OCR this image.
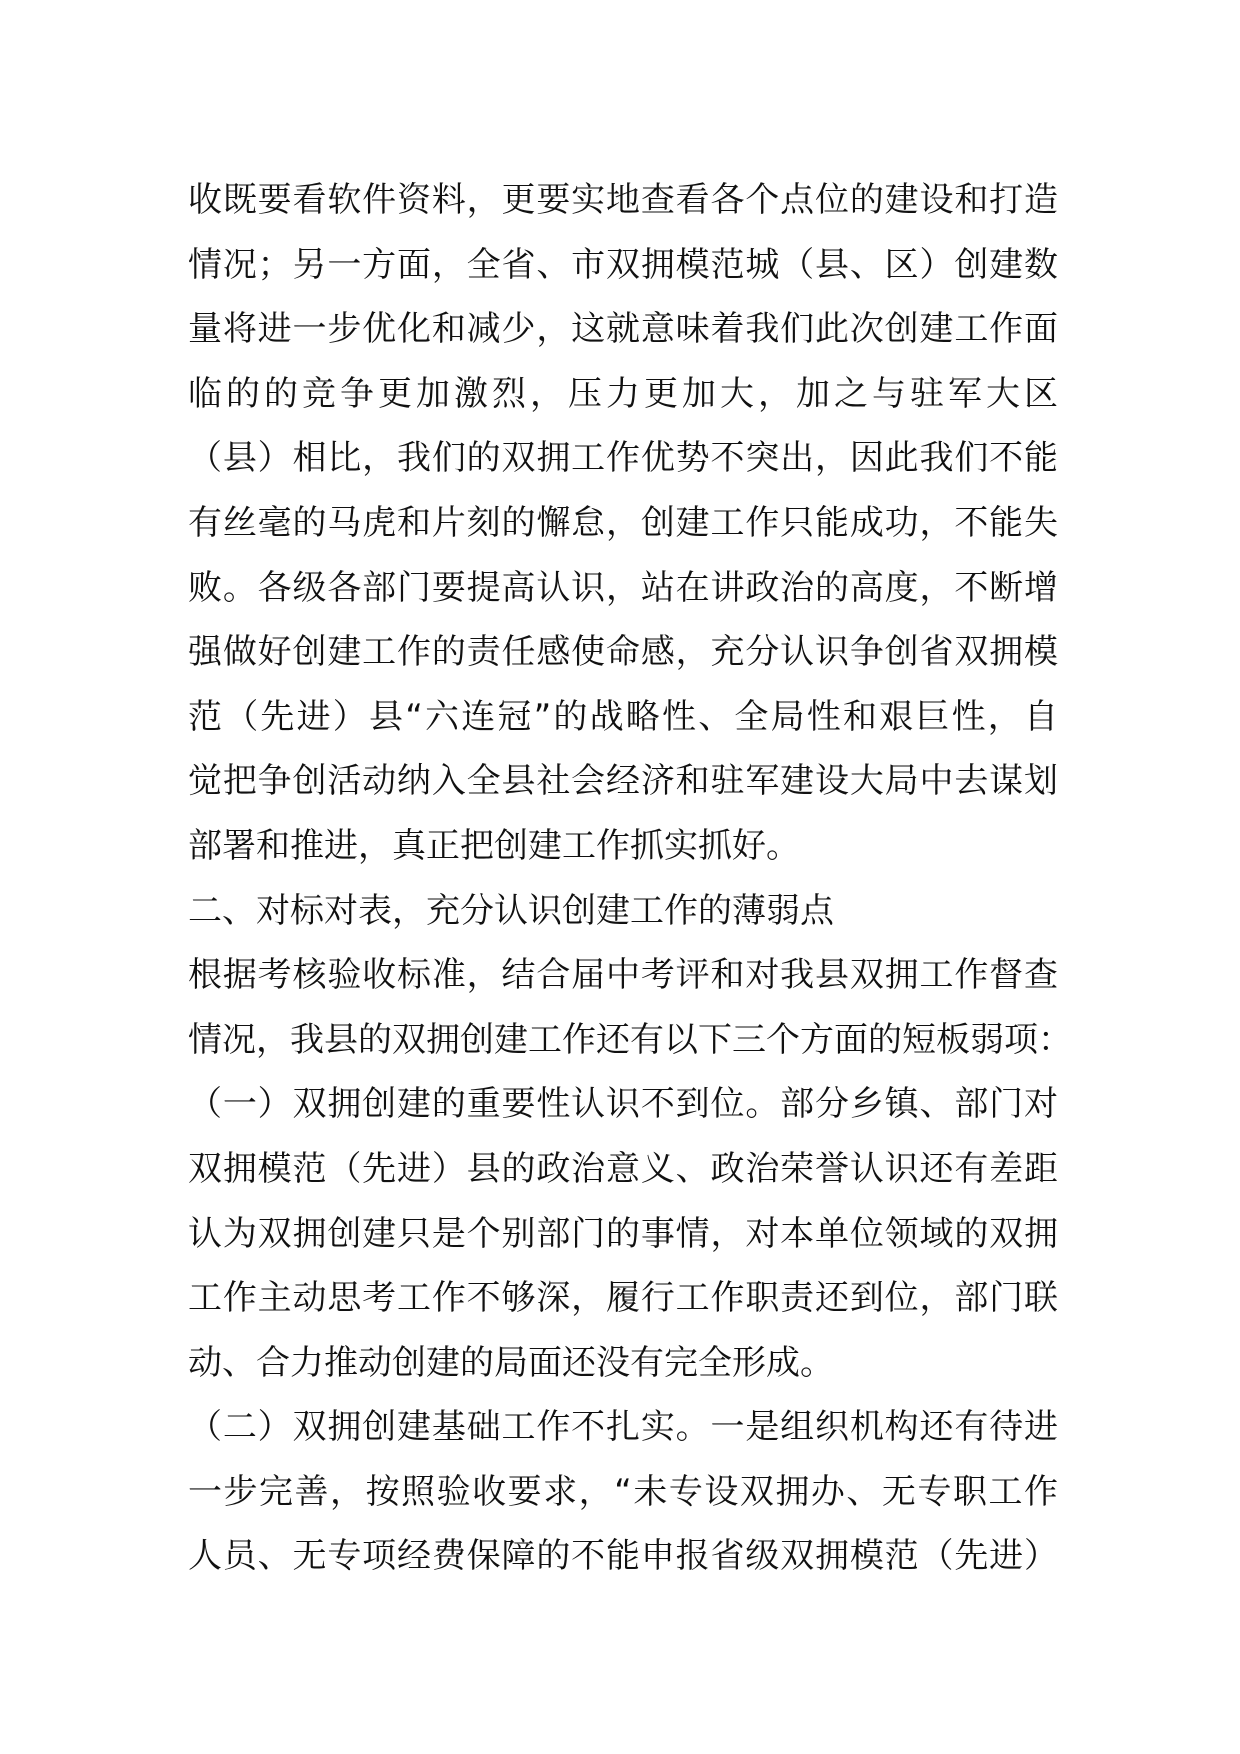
收既要看软件资料，更要实地查看各个点位的建设和打造
情况；另一方面，全省、市双拥模范城（县、区）创建数
量将进一步优化和减少，这就意味着我们此次创建工作面
临的的竞争更加激烈，压力更加大，加之与驻军大区
（县）相比，我们的双拥工作优势不突出，因此我们不能
有丝毫的马虎和片刻的懈怠，创建工作只能成功，不能失
败。各级各部门要提高认识，站在讲政治的高度，不断增
强做好创建工作的责任感使命感，充分认识争创省双拥模
范（先进）县“六连冠”的战略性、全局性和艰巨性，自
觉把争创活动纳入全县社会经济和驻军建设大局中去谋划
部署和推进，真正把创建工作抓实抓好。
二、对标对表，充分认识创建工作的薄弱点
根据考核验收标准，结合届中考评和对我县双拥工作督查
情况，我县的双拥创建工作还有以下三个方面的短板弱项：
（一）双拥创建的重要性认识不到位。部分乡镇、部门对
双拥模范（先进）县的政治意义、政治荣誉认识还有差距
认为双拥创建只是个别部门的事情，对本单位领域的双拥
工作主动思考工作不够深，履行工作职责还到位，部门联
动、合力推动创建的局面还没有完全形成。
（二）双拥创建基础工作不扎实。一是组织机构还有待进
一步完善，按照验收要求，“未专设双拥办、无专职工作
人员、无专项经费保障的不能申报省级双拥模范（先进）
